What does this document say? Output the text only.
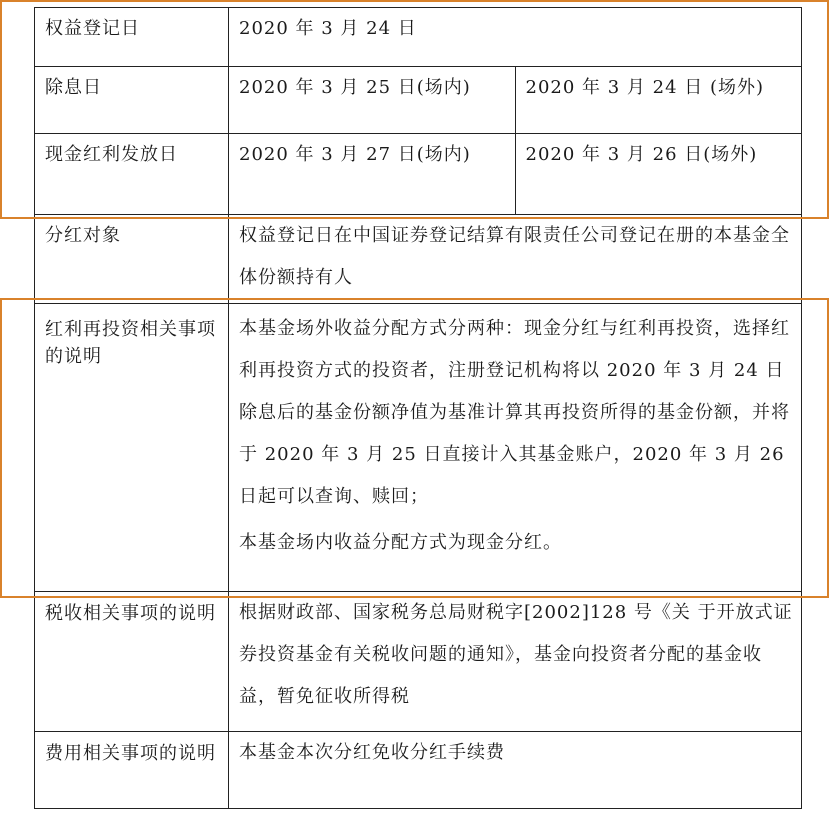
权益登记日	2020 年 3 月 24 日	
除息日	2020 年 3 月 25 日(场内)	2020 年 3 月 24 日 (场外)
现金红利发放日	2020 年 3 月 27 日(场内)	2020 年 3 月 26 日(场外)
分红对象	权益登记日在中国证券登记结算有限责任公司登记在册的本基金全体份额持有人	
红利再投资相关事项的说明	本基金场外收益分配方式分两种：现金分红与红利再投资，选择红利再投资方式的投资者，注册登记机构将以 2020 年 3 月 24 日除息后的基金份额净值为基准计算其再投资所得的基金份额，并将于 2020 年 3 月 25 日直接计入其基金账户，2020 年 3 月 26 日起可以查询、赎回；
本基金场内收益分配方式为现金分红。	

税收相关事项的说明	根据财政部、国家税务总局财税字[2002]128 号《关 于开放式证券投资基金有关税收问题的通知》，基金向投资者分配的基金收益，暂免征收所得税	
费用相关事项的说明	本基金本次分红免收分红手续费	
